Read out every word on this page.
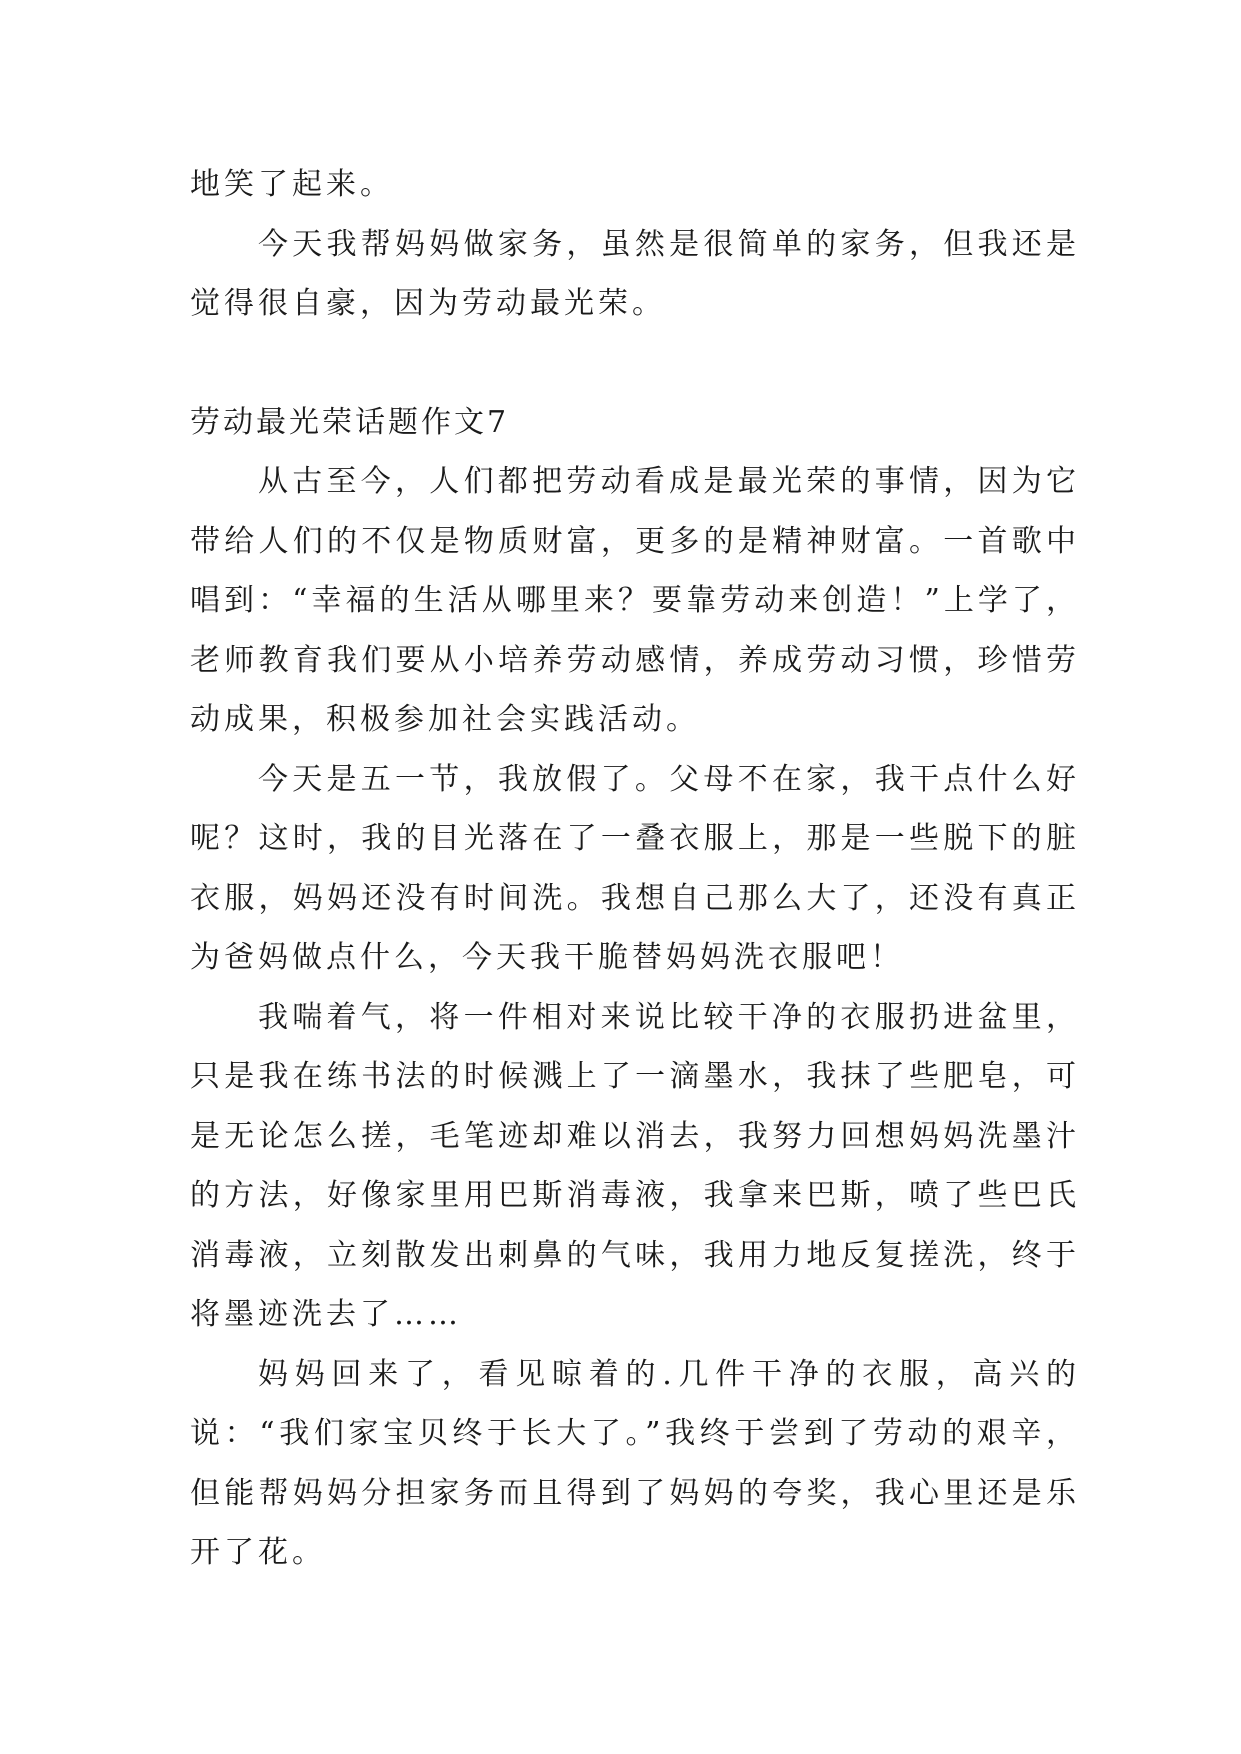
地笑了起来。

今天我帮妈妈做家务，虽然是很简单的家务，但我还是觉得很自豪，因为劳动最光荣。

劳动最光荣话题作文7

从古至今，人们都把劳动看成是最光荣的事情，因为它带给人们的不仅是物质财富，更多的是精神财富。一首歌中唱到：“幸福的生活从哪里来？要靠劳动来创造！”上学了，老师教育我们要从小培养劳动感情，养成劳动习惯，珍惜劳动成果，积极参加社会实践活动。

今天是五一节，我放假了。父母不在家，我干点什么好呢？这时，我的目光落在了一叠衣服上，那是一些脱下的脏衣服，妈妈还没有时间洗。我想自己那么大了，还没有真正为爸妈做点什么，今天我干脆替妈妈洗衣服吧！

我喘着气，将一件相对来说比较干净的衣服扔进盆里，只是我在练书法的时候溅上了一滴墨水，我抹了些肥皂，可是无论怎么搓，毛笔迹却难以消去，我努力回想妈妈洗墨汁的方法，好像家里用巴斯消毒液，我拿来巴斯，喷了些巴氏消毒液，立刻散发出刺鼻的气味，我用力地反复搓洗，终于将墨迹洗去了……

妈妈回来了，看见晾着的.几件干净的衣服，高兴的说：“我们家宝贝终于长大了。”我终于尝到了劳动的艰辛，但能帮妈妈分担家务而且得到了妈妈的夸奖，我心里还是乐开了花。
